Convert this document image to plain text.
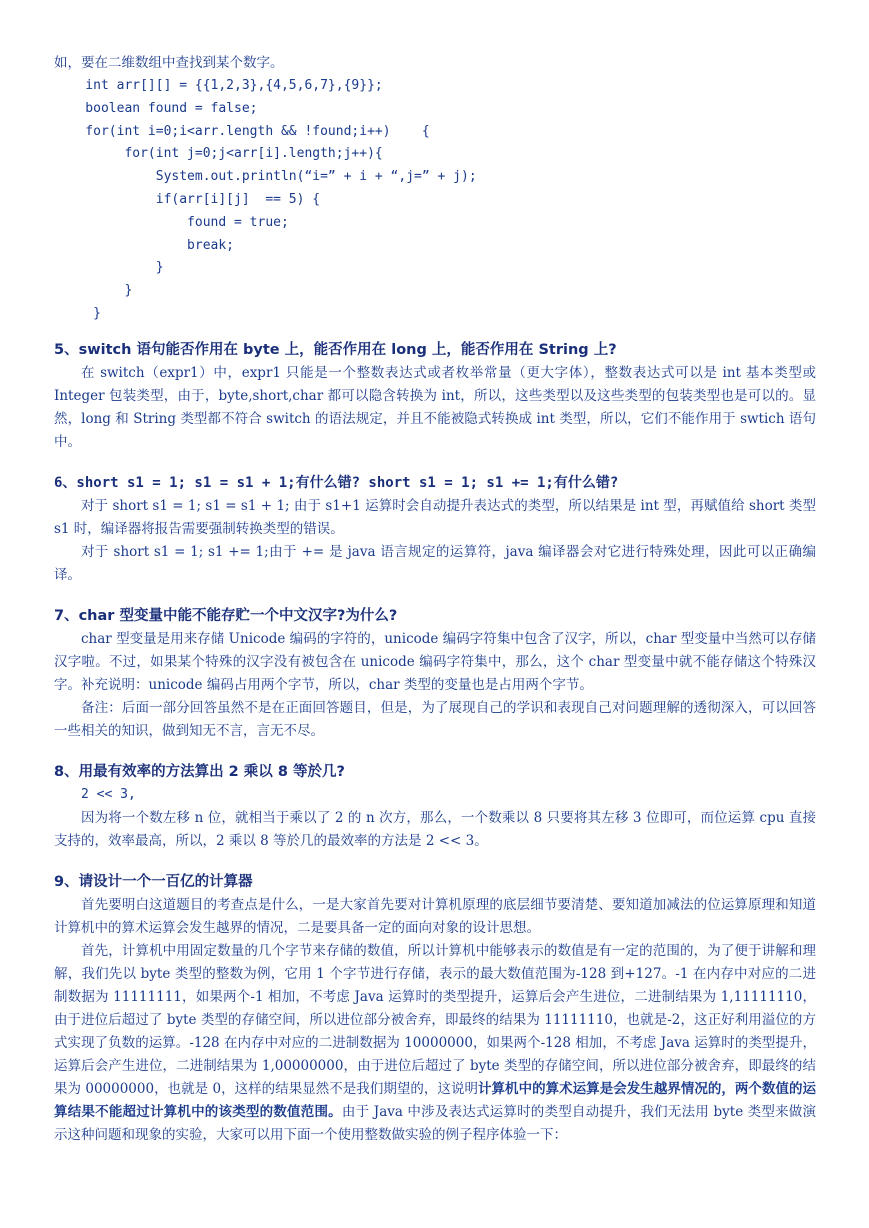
如，要在二维数组中查找到某个数字。

int arr[][] = {{1,2,3},{4,5,6,7},{9}};
boolean found = false;
for(int i=0;i<arr.length && !found;i++)    {
for(int j=0;j<arr[i].length;j++){
System.out.println(“i=” + i + “,j=” + j);
if(arr[i][j]  == 5) {
found = true;
break;
}
}
}
5、switch 语句能否作用在 byte 上，能否作用在 long 上，能否作用在 String 上?

在 switch（expr1）中，expr1 只能是一个整数表达式或者枚举常量（更大字体），整数表达式可以是 int 基本类型或 Integer 包装类型，由于，byte,short,char 都可以隐含转换为 int，所以，这些类型以及这些类型的包装类型也是可以的。显然，long 和 String 类型都不符合 switch 的语法规定，并且不能被隐式转换成 int 类型，所以，它们不能作用于 swtich 语句中。

6、short s1 = 1; s1 = s1 + 1;有什么错? short s1 = 1; s1 += 1;有什么错?

对于 short s1 = 1; s1 = s1 + 1; 由于 s1+1 运算时会自动提升表达式的类型，所以结果是 int 型，再赋值给 short 类型 s1 时，编译器将报告需要强制转换类型的错误。

对于 short s1 = 1; s1 += 1;由于 += 是 java 语言规定的运算符，java 编译器会对它进行特殊处理，因此可以正确编译。

7、char 型变量中能不能存贮一个中文汉字?为什么?

char 型变量是用来存储 Unicode 编码的字符的，unicode 编码字符集中包含了汉字，所以，char 型变量中当然可以存储汉字啦。不过，如果某个特殊的汉字没有被包含在 unicode 编码字符集中，那么，这个 char 型变量中就不能存储这个特殊汉字。补充说明：unicode 编码占用两个字节，所以，char 类型的变量也是占用两个字节。

备注：后面一部分回答虽然不是在正面回答题目，但是，为了展现自己的学识和表现自己对问题理解的透彻深入，可以回答一些相关的知识，做到知无不言，言无不尽。

8、用最有效率的方法算出 2 乘以 8 等於几?
2 << 3,

因为将一个数左移 n 位，就相当于乘以了 2 的 n 次方，那么，一个数乘以 8 只要将其左移 3 位即可，而位运算 cpu 直接支持的，效率最高，所以，2 乘以 8 等於几的最效率的方法是 2 << 3。

9、请设计一个一百亿的计算器

首先要明白这道题目的考查点是什么，一是大家首先要对计算机原理的底层细节要清楚、要知道加减法的位运算原理和知道计算机中的算术运算会发生越界的情况，二是要具备一定的面向对象的设计思想。

首先，计算机中用固定数量的几个字节来存储的数值，所以计算机中能够表示的数值是有一定的范围的，为了便于讲解和理解，我们先以 byte 类型的整数为例，它用 1 个字节进行存储，表示的最大数值范围为-128 到+127。-1 在内存中对应的二进制数据为 11111111，如果两个-1 相加，不考虑 Java 运算时的类型提升，运算后会产生进位，二进制结果为 1,11111110，由于进位后超过了 byte 类型的存储空间，所以进位部分被舍弃，即最终的结果为 11111110，也就是-2，这正好利用溢位的方式实现了负数的运算。-128 在内存中对应的二进制数据为 10000000，如果两个-128 相加，不考虑 Java 运算时的类型提升，运算后会产生进位，二进制结果为 1,00000000，由于进位后超过了 byte 类型的存储空间，所以进位部分被舍弃，即最终的结果为 00000000，也就是 0，这样的结果显然不是我们期望的，这说明计算机中的算术运算是会发生越界情况的，两个数值的运算结果不能超过计算机中的该类型的数值范围。由于 Java 中涉及表达式运算时的类型自动提升，我们无法用 byte 类型来做演示这种问题和现象的实验，大家可以用下面一个使用整数做实验的例子程序体验一下：
